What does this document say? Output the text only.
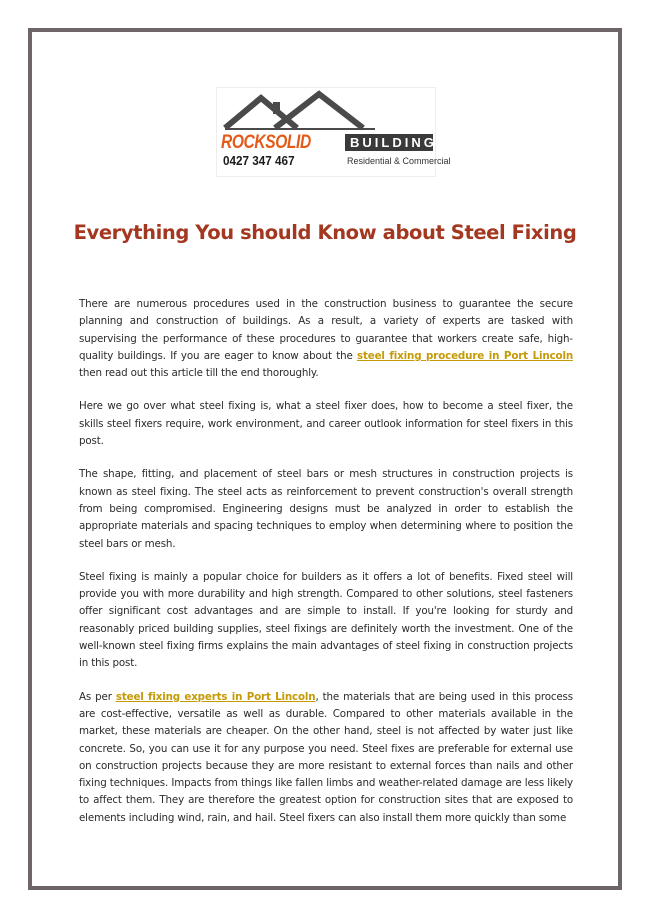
ROCKSOLID	BUILDING
0427 347 467	Residential & Commercial
Everything You should Know about Steel Fixing

There are numerous procedures used in the construction business to guarantee the secure planning and construction of buildings. As a result, a variety of experts are tasked with supervising the performance of these procedures to guarantee that workers create safe, high-quality buildings. If you are eager to know about the steel fixing procedure in Port Lincoln then read out this article till the end thoroughly.

Here we go over what steel fixing is, what a steel fixer does, how to become a steel fixer, the skills steel fixers require, work environment, and career outlook information for steel fixers in this post.

The shape, fitting, and placement of steel bars or mesh structures in construction projects is known as steel fixing. The steel acts as reinforcement to prevent construction's overall strength from being compromised. Engineering designs must be analyzed in order to establish the appropriate materials and spacing techniques to employ when determining where to position the steel bars or mesh.

Steel fixing is mainly a popular choice for builders as it offers a lot of benefits. Fixed steel will provide you with more durability and high strength. Compared to other solutions, steel fasteners offer significant cost advantages and are simple to install. If you're looking for sturdy and reasonably priced building supplies, steel fixings are definitely worth the investment. One of the well-known steel fixing firms explains the main advantages of steel fixing in construction projects in this post.

As per steel fixing experts in Port Lincoln, the materials that are being used in this process are cost-effective, versatile as well as durable. Compared to other materials available in the market, these materials are cheaper. On the other hand, steel is not affected by water just like concrete. So, you can use it for any purpose you need. Steel fixes are preferable for external use on construction projects because they are more resistant to external forces than nails and other fixing techniques. Impacts from things like fallen limbs and weather-related damage are less likely to affect them. They are therefore the greatest option for construction sites that are exposed to elements including wind, rain, and hail. Steel fixers can also install them more quickly than some
